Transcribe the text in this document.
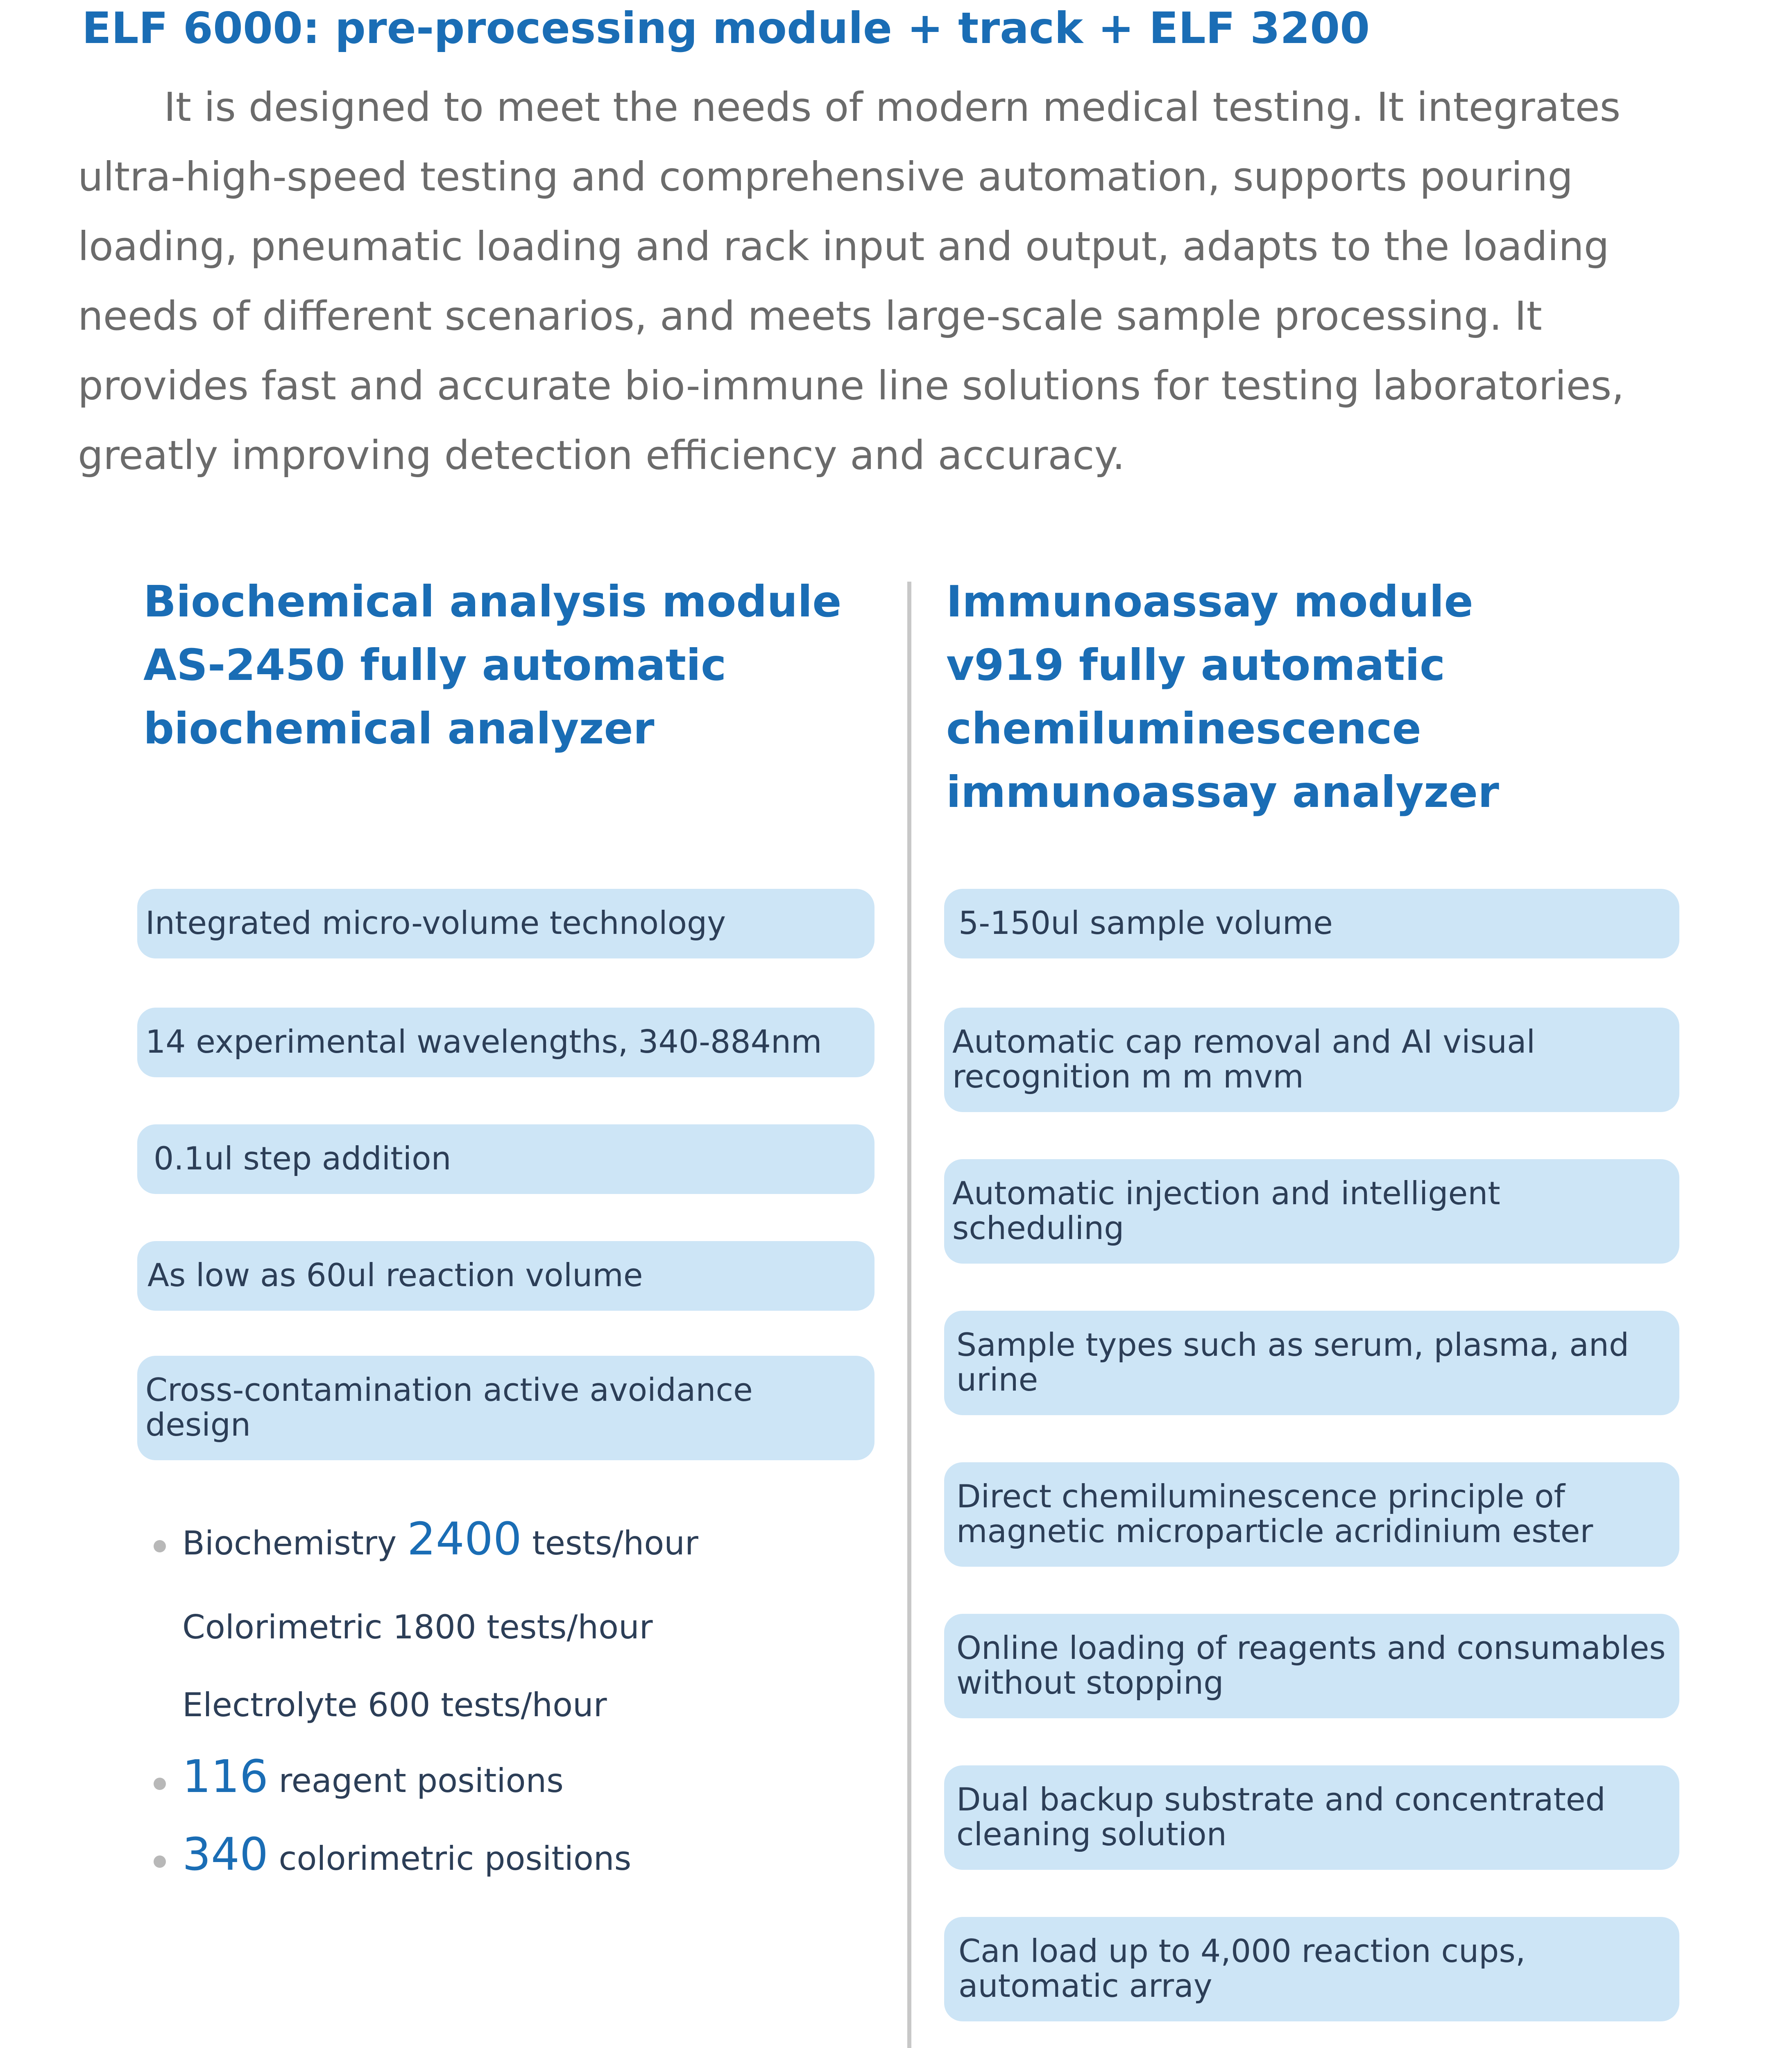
ELF 6000: pre-processing module + track + ELF 3200
It is designed to meet the needs of modern medical testing. It integrates ultra-high-speed testing and comprehensive automation, supports pouring loading, pneumatic loading and rack input and output, adapts to the loading needs of different scenarios, and meets large-scale sample processing. It provides fast and accurate bio-immune line solutions for testing laboratories, greatly improving detection efficiency and accuracy.
Biochemical analysis module
AS-2450 fully automatic
biochemical analyzer
Integrated micro-volume technology
14 experimental wavelengths, 340-884nm
0.1ul step addition
As low as 60ul reaction volume
Cross-contamination active avoidance design
Biochemistry 2400 tests/hour
Colorimetric 1800 tests/hour
Electrolyte 600 tests/hour
116 reagent positions
340 colorimetric positions
Immunoassay module
v919 fully automatic
chemiluminescence
immunoassay analyzer
5-150ul sample volume
Automatic cap removal and AI visual recognition m m mvm
Automatic injection and intelligent scheduling
Sample types such as serum, plasma, and urine
Direct chemiluminescence principle of magnetic microparticle acridinium ester
Online loading of reagents and consumables without stopping
Dual backup substrate and concentrated cleaning solution
Can load up to 4,000 reaction cups, automatic array
